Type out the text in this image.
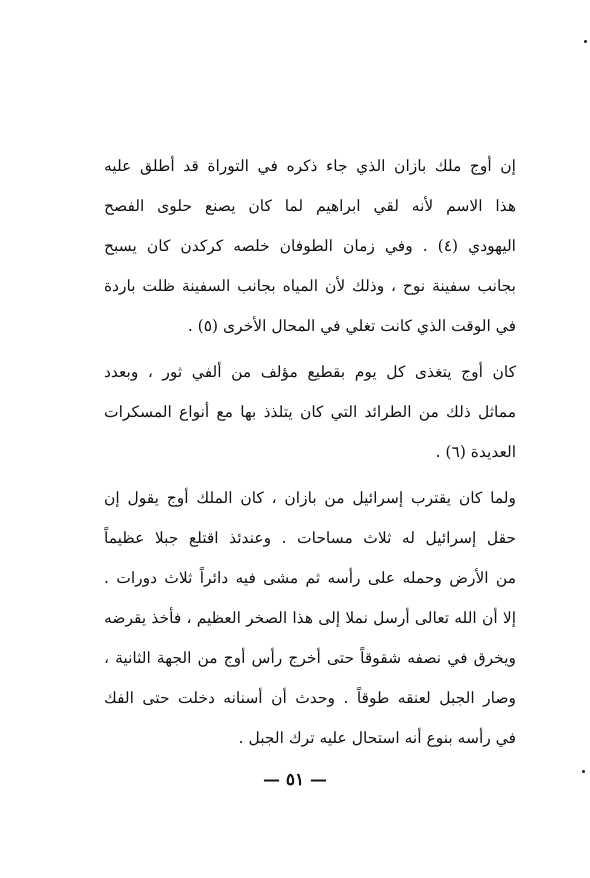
إن أوج ملك بازان الذي جاء ذكره في التوراة قد أطلق عليه
هذا الاسم لأنه لقي ابراهيم لما كان يصنع حلوى الفصح
اليهودي (٤) . وفي زمان الطوفان خلصه كركدن كان يسبح
بجانب سفينة نوح ، وذلك لأن المياه بجانب السفينة ظلت باردة
في الوقت الذي كانت تغلي في المحال الأخرى (٥) .
كان أوج يتغذى كل يوم بقطيع مؤلف من ألفي ثور ، وبعدد
مماثل ذلك من الطرائد التي كان يتلذذ بها مع أنواع المسكرات
العديدة (٦) .
ولما كان يقترب إسرائيل من بازان ، كان الملك أوج يقول إن
حقل إسرائيل له ثلاث مساحات . وعندئذ اقتلع جبلا عظيماً
من الأرض وحمله على رأسه ثم مشى فيه دائراً ثلاث دورات .
إلا أن الله تعالى أرسل نملا إلى هذا الصخر العظيم ، فأخذ يقرضه
ويخرق في نصفه شقوقاً حتى أخرج رأس أوج من الجهة الثانية ،
وصار الجبل لعنقه طوقاً . وحدث أن أسنانه دخلت حتى الفك
في رأسه بنوع أنه استحال عليه ترك الجبل .
— ٥١ —
